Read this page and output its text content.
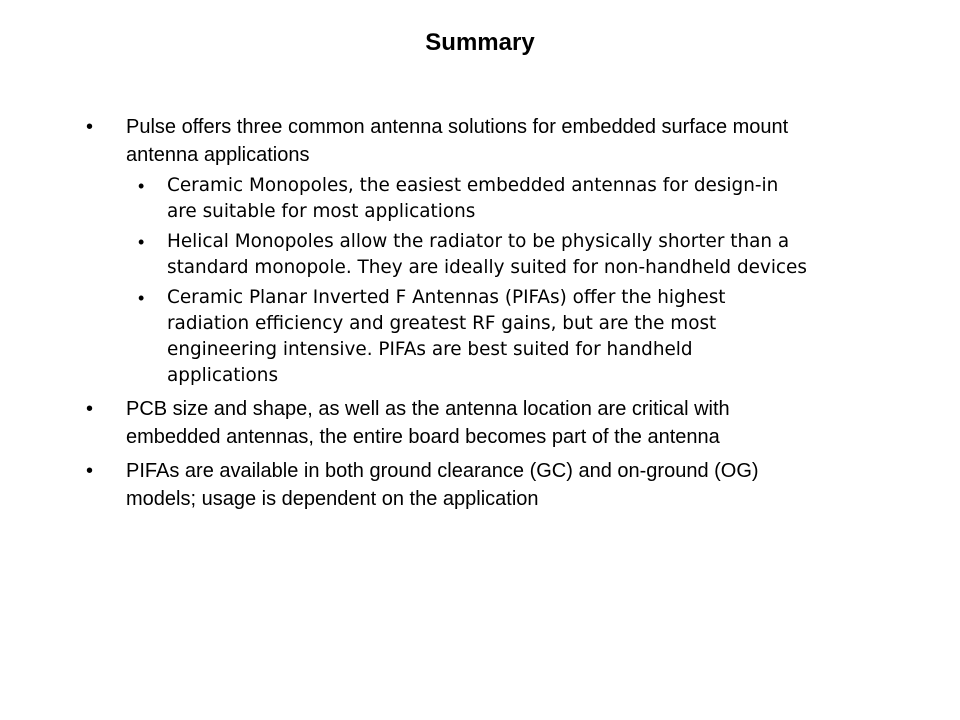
Summary
• Pulse offers three common antenna solutions for embedded surface mount antenna applications
• Ceramic Monopoles, the easiest embedded antennas for design-in are suitable for most applications
• Helical Monopoles allow the radiator to be physically shorter than a standard monopole. They are ideally suited for non-handheld devices
• Ceramic Planar Inverted F Antennas (PIFAs) offer the highest radiation efficiency and greatest RF gains, but are the most engineering intensive. PIFAs are best suited for handheld applications
• PCB size and shape, as well as the antenna location are critical with embedded antennas, the entire board becomes part of the antenna
• PIFAs are available in both ground clearance (GC) and on-ground (OG) models; usage is dependent on the application
